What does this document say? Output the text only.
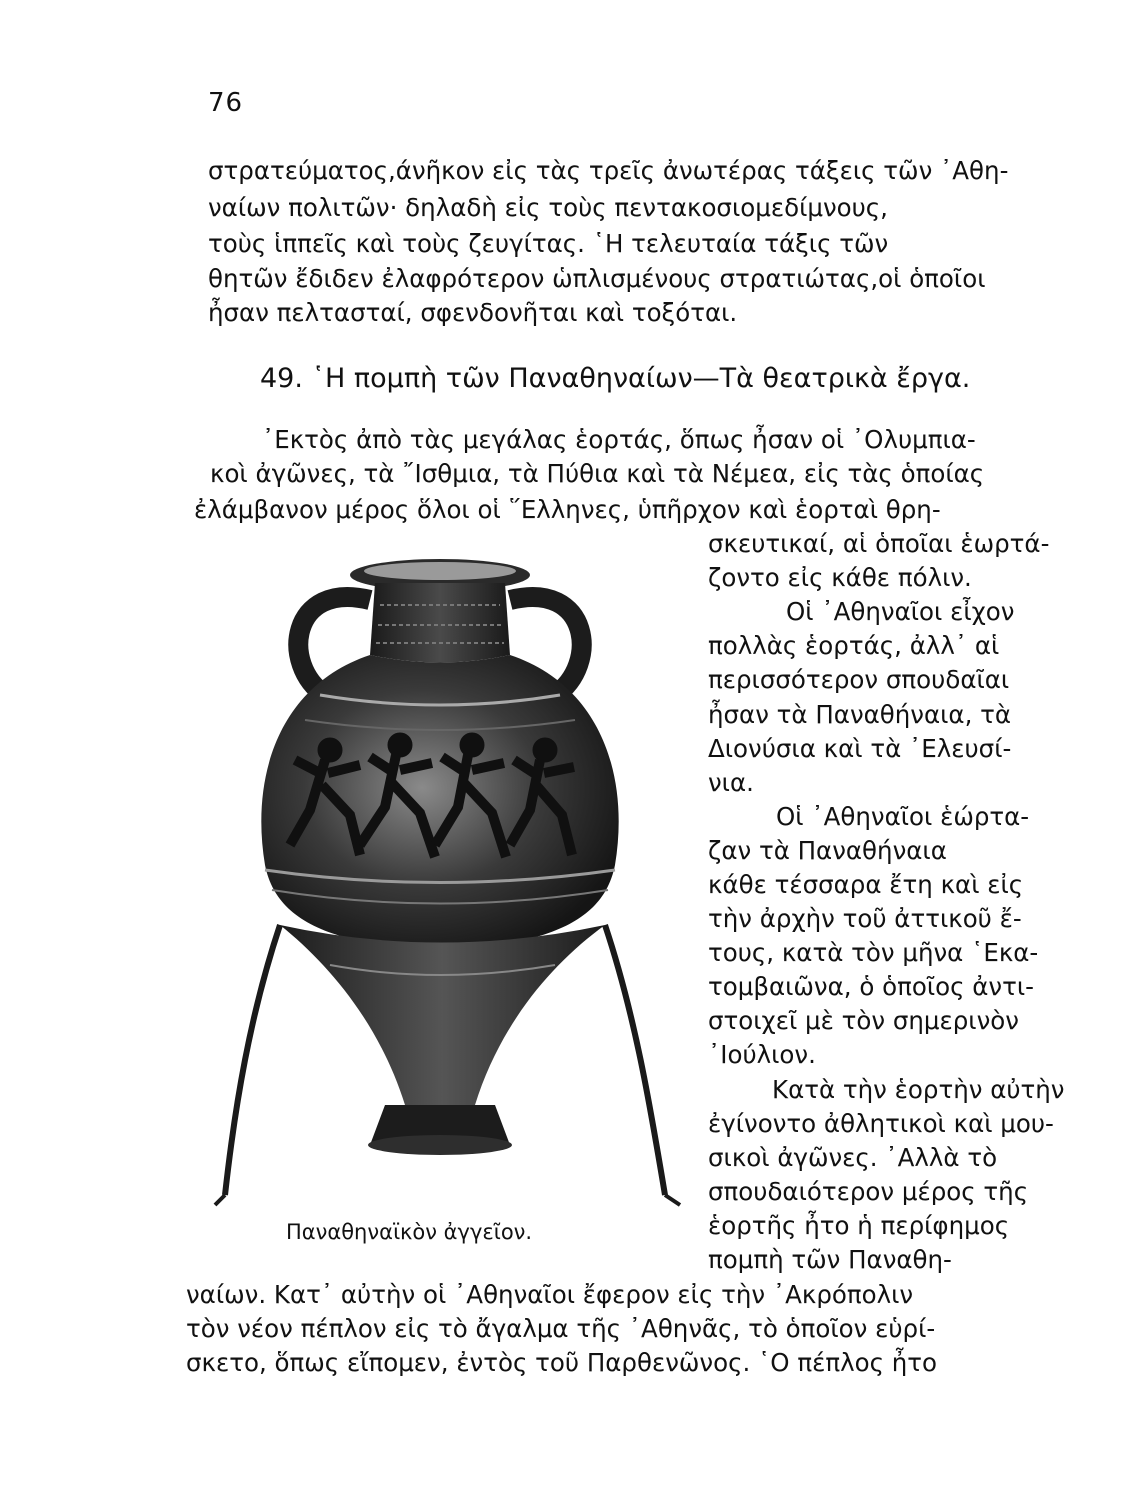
76
στρατεύματος,άνῆκον εἰς τὰς τρεῖς ἀνωτέρας τάξεις τῶν ᾿Αθη-
ναίων πολιτῶν· δηλαδὴ εἰς τοὺς πεντακοσιομεδίμνους,
τοὺς ἱππεῖς καὶ τοὺς ζευγίτας. ῾Η τελευταία τάξις τῶν
θητῶν ἔδιδεν ἐλαφρότερον ὡπλισμένους στρατιώτας,οἱ ὁποῖοι
ἦσαν πελτασταί, σφενδονῆται καὶ τοξόται.
49. ῾Η πομπὴ τῶν Παναθηναίων—Τὰ θεατρικὰ ἔργα.
᾿Εκτὸς ἀπὸ τὰς μεγάλας ἑορτάς, ὅπως ἦσαν οἱ ᾿Ολυμπια-
κοὶ ἀγῶνες, τὰ ῎Ισθμια, τὰ Πύθια καὶ τὰ Νέμεα, εἰς τὰς ὁποίας
ἐλάμβανον μέρος ὅλοι οἱ ῞Ελληνες, ὑπῆρχον καὶ ἑορταὶ θρη-
σκευτικαί, αἱ ὁποῖαι ἑωρτά-
ζοντο εἰς κάθε πόλιν.
Οἱ ᾿Αθηναῖοι εἶχον
πολλὰς ἑορτάς, ἀλλ᾿ αἱ
περισσότερον σπουδαῖαι
ἦσαν τὰ Παναθήναια, τὰ
Διονύσια καὶ τὰ ᾿Ελευσί-
νια.
Οἱ ᾿Αθηναῖοι ἑώρτα-
ζαν τὰ Παναθήναια
κάθε τέσσαρα ἔτη καὶ εἰς
τὴν ἀρχὴν τοῦ ἀττικοῦ ἔ-
τους, κατὰ τὸν μῆνα ῾Εκα-
τομβαιῶνα, ὁ ὁποῖος ἀντι-
στοιχεῖ μὲ τὸν σημερινὸν
᾿Ιούλιον.
Κατὰ τὴν ἑορτὴν αὐτὴν
ἐγίνοντο ἀθλητικοὶ καὶ μου-
σικοὶ ἀγῶνες. ᾿Αλλὰ τὸ
σπουδαιότερον μέρος τῆς
ἑορτῆς ἦτο ἡ περίφημος
πομπὴ τῶν Παναθη-
ναίων. Κατ᾿ αὐτὴν οἱ ᾿Αθηναῖοι ἔφερον εἰς τὴν ᾿Ακρόπολιν
τὸν νέον πέπλον εἰς τὸ ἄγαλμα τῆς ᾿Αθηνᾶς, τὸ ὁποῖον εὑρί-
σκετο, ὅπως εἴπομεν, ἐντὸς τοῦ Παρθενῶνος. ῾Ο πέπλος ἦτο
Παναθηναϊκὸν ἀγγεῖον.
